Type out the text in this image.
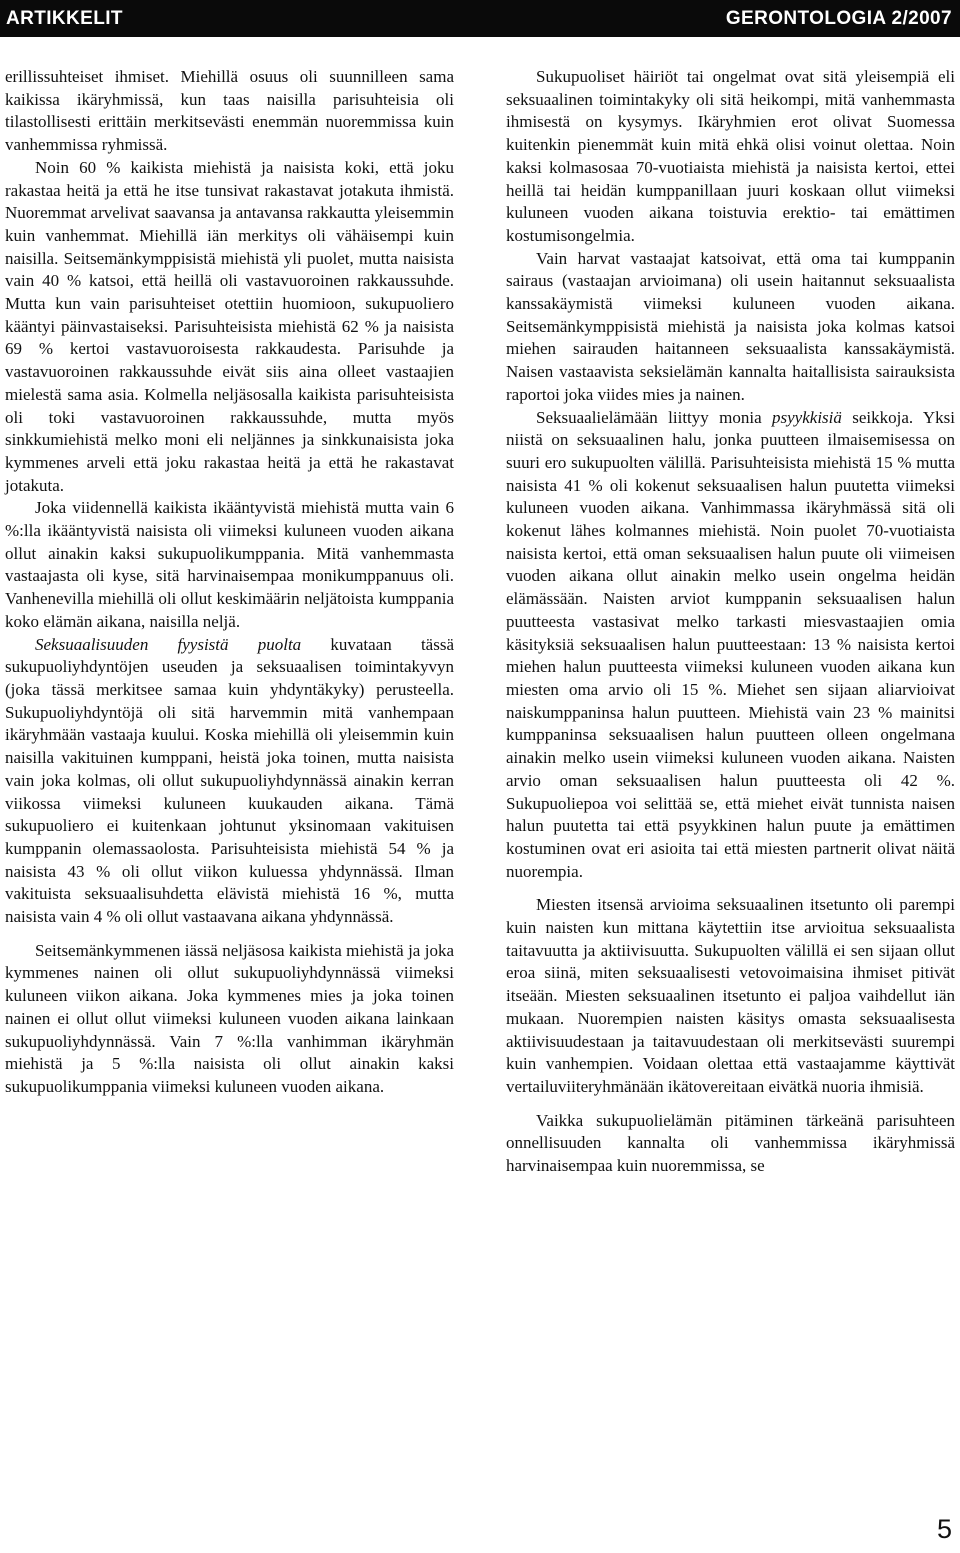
ARTIKKELIT	GERONTOLOGIA 2/2007

erillissuhteiset ihmiset. Miehillä osuus oli suunnilleen sama kaikissa ikäryhmissä, kun taas naisilla parisuhteisia oli tilastollisesti erittäin merkitsevästi enemmän nuoremmissa kuin vanhemmissa ryhmissä.

Noin 60 % kaikista miehistä ja naisista koki, että joku rakastaa heitä ja että he itse tunsivat rakastavat jotakuta ihmistä. Nuoremmat arvelivat saavansa ja antavansa rakkautta yleisemmin kuin vanhemmat. Miehillä iän merkitys oli vähäisempi kuin naisilla. Seitsemänkymppisistä miehistä yli puolet, mutta naisista vain 40 % katsoi, että heillä oli vastavuoroinen rakkaussuhde. Mutta kun vain parisuhteiset otettiin huomioon, sukupuoliero kääntyi päinvastaiseksi. Parisuhteisista miehistä 62 % ja naisista 69 % kertoi vastavuoroisesta rakkaudesta. Parisuhde ja vastavuoroinen rakkaussuhde eivät siis aina olleet vastaajien mielestä sama asia. Kolmella neljäsosalla kaikista parisuhteisista oli toki vastavuoroinen rakkaussuhde, mutta myös sinkkumiehistä melko moni eli neljännes ja sinkkunaisista joka kymmenes arveli että joku rakastaa heitä ja että he rakastavat jotakuta.

Joka viidennellä kaikista ikääntyvistä miehistä mutta vain 6 %:lla ikääntyvistä naisista oli viimeksi kuluneen vuoden aikana ollut ainakin kaksi sukupuolikumppania. Mitä vanhemmasta vastaajasta oli kyse, sitä harvinaisempaa monikumppanuus oli. Vanhenevilla miehillä oli ollut keskimäärin neljätoista kumppania koko elämän aikana, naisilla neljä.

Seksuaalisuuden fyysistä puolta kuvataan tässä sukupuoliyhdyntöjen useuden ja seksuaalisen toimintakyvyn (joka tässä merkitsee samaa kuin yhdyntäkyky) perusteella. Sukupuoliyhdyntöjä oli sitä harvemmin mitä vanhempaan ikäryhmään vastaaja kuului. Koska miehillä oli yleisemmin kuin naisilla vakituinen kumppani, heistä joka toinen, mutta naisista vain joka kolmas, oli ollut sukupuoliyhdynnässä ainakin kerran viikossa viimeksi kuluneen kuukauden aikana. Tämä sukupuoliero ei kuitenkaan johtunut yksinomaan vakituisen kumppanin olemassaolosta. Parisuhteisista miehistä 54 % ja naisista 43 % oli ollut viikon kuluessa yhdynnässä. Ilman vakituista seksuaalisuhdetta elävistä miehistä 16 %, mutta naisista vain 4 % oli ollut vastaavana aikana yhdynnässä.

Seitsemänkymmenen iässä neljäsosa kaikista miehistä ja joka kymmenes nainen oli ollut sukupuoliyhdynnässä viimeksi kuluneen viikon aikana. Joka kymmenes mies ja joka toinen nainen ei ollut ollut viimeksi kuluneen vuoden aikana lainkaan sukupuoliyhdynnässä. Vain 7 %:lla vanhimman ikäryhmän miehistä ja 5 %:lla naisista oli ollut ainakin kaksi sukupuolikumppania viimeksi kuluneen vuoden aikana.

Sukupuoliset häiriöt tai ongelmat ovat sitä yleisempiä eli seksuaalinen toimintakyky oli sitä heikompi, mitä vanhemmasta ihmisestä on kysymys. Ikäryhmien erot olivat Suomessa kuitenkin pienemmät kuin mitä ehkä olisi voinut olettaa. Noin kaksi kolmasosaa 70-vuotiaista miehistä ja naisista kertoi, ettei heillä tai heidän kumppanillaan juuri koskaan ollut viimeksi kuluneen vuoden aikana toistuvia erektio- tai emättimen kostumisongelmia.

Vain harvat vastaajat katsoivat, että oma tai kumppanin sairaus (vastaajan arvioimana) oli usein haitannut seksuaalista kanssakäymistä viimeksi kuluneen vuoden aikana. Seitsemänkymppisistä miehistä ja naisista joka kolmas katsoi miehen sairauden haitanneen seksuaalista kanssakäymistä. Naisen vastaavista seksielämän kannalta haitallisista sairauksista raportoi joka viides mies ja nainen.

Seksuaalielämään liittyy monia psyykkisiä seikkoja. Yksi niistä on seksuaalinen halu, jonka puutteen ilmaisemisessa on suuri ero sukupuolten välillä. Parisuhteisista miehistä 15 % mutta naisista 41 % oli kokenut seksuaalisen halun puutetta viimeksi kuluneen vuoden aikana. Vanhimmassa ikäryhmässä sitä oli kokenut lähes kolmannes miehistä. Noin puolet 70-vuotiaista naisista kertoi, että oman seksuaalisen halun puute oli viimeisen vuoden aikana ollut ainakin melko usein ongelma heidän elämässään. Naisten arviot kumppanin seksuaalisen halun puutteesta vastasivat melko tarkasti miesvastaajien omia käsityksiä seksuaalisen halun puutteestaan: 13 % naisista kertoi miehen halun puutteesta viimeksi kuluneen vuoden aikana kun miesten oma arvio oli 15 %. Miehet sen sijaan aliarvioivat naiskumppaninsa halun puutteen. Miehistä vain 23 % mainitsi kumppaninsa seksuaalisen halun puutteen olleen ongelmana ainakin melko usein viimeksi kuluneen vuoden aikana. Naisten arvio oman seksuaalisen halun puutteesta oli 42 %. Sukupuoliероа voi selittää se, että miehet eivät tunnista naisen halun puutetta tai että psyykkinen halun puute ja emättimen kostuminen ovat eri asioita tai että miesten partnerit olivat näitä nuorempia.

Miesten itsensä arvioima seksuaalinen itsetunto oli parempi kuin naisten kun mittana käytettiin itse arvioitua seksuaalista taitavuutta ja aktiivisuutta. Sukupuolten välillä ei sen sijaan ollut eroa siinä, miten seksuaalisesti vetovoimaisina ihmiset pitivät itseään. Miesten seksuaalinen itsetunto ei paljoa vaihdellut iän mukaan. Nuorempien naisten käsitys omasta seksuaalisesta aktiivisuudestaan ja taitavuudestaan oli merkitsevästi suurempi kuin vanhempien. Voidaan olettaa että vastaajamme käyttivät vertailuviiteryhmänään ikätovereitaan eivätkä nuoria ihmisiä.

Vaikka sukupuolielämän pitäminen tärkeänä parisuhteen onnellisuuden kannalta oli vanhemmissa ikäryhmissä harvinaisempaa kuin nuoremmissa, se

5
